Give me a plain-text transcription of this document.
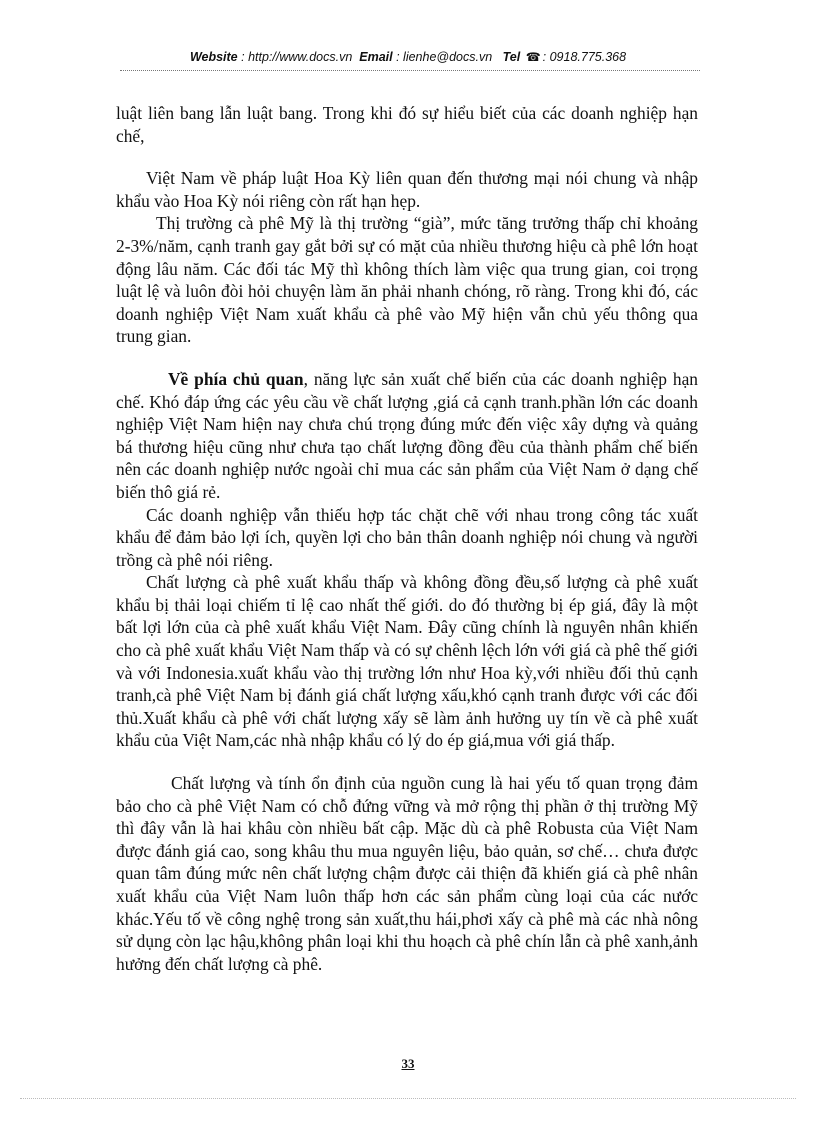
Website : http://www.docs.vn Email : lienhe@docs.vn Tel ☎ : 0918.775.368

luật liên bang lẫn luật bang. Trong khi đó sự hiểu biết của các doanh nghiệp hạn chế,

Việt Nam về pháp luật Hoa Kỳ liên quan đến thương mại nói chung và nhập khẩu vào Hoa Kỳ nói riêng còn rất hạn hẹp.

Thị trường cà phê Mỹ là thị trường “già”, mức tăng trưởng thấp chỉ khoảng 2-3%/năm, cạnh tranh gay gắt bởi sự có mặt của nhiều thương hiệu cà phê lớn hoạt động lâu năm. Các đối tác Mỹ thì không thích làm việc qua trung gian, coi trọng luật lệ và luôn đòi hỏi chuyện làm ăn phải nhanh chóng, rõ ràng. Trong khi đó, các doanh nghiệp Việt Nam xuất khẩu cà phê vào Mỹ hiện vẫn chủ yếu thông qua trung gian.

Về phía chủ quan, năng lực sản xuất chế biến của các doanh nghiệp hạn chế. Khó đáp ứng các yêu cầu về chất lượng ,giá cả cạnh tranh.phần lớn các doanh nghiệp Việt Nam hiện nay chưa chú trọng đúng mức đến việc xây dựng và quảng bá thương hiệu cũng như chưa tạo chất lượng đồng đều của thành phẩm chế biến nên các doanh nghiệp nước ngoài chỉ mua các sản phẩm của Việt Nam ở dạng chế biến thô giá rẻ.

Các doanh nghiệp vẫn thiếu hợp tác chặt chẽ với nhau trong công tác xuất khẩu để đảm bảo lợi ích, quyền lợi cho bản thân doanh nghiệp nói chung và người trồng cà phê nói riêng.

Chất lượng cà phê xuất khẩu thấp và không đồng đều,số lượng cà phê xuất khẩu bị thải loại chiếm tỉ lệ cao nhất thế giới. do đó thường bị ép giá, đây là một bất lợi lớn của cà phê xuất khẩu Việt Nam. Đây cũng chính là nguyên nhân khiến cho cà phê xuất khẩu Việt Nam thấp và có sự chênh lệch lớn với giá cà phê thế giới và với Indonesia.xuất khẩu vào thị trường lớn như Hoa kỳ,với nhiều đối thủ cạnh tranh,cà phê Việt Nam bị đánh giá chất lượng xấu,khó cạnh tranh được với các đối thủ.Xuất khẩu cà phê với chất lượng xấy sẽ làm ảnh hưởng uy tín về cà phê xuất khẩu của Việt Nam,các nhà nhập khẩu có lý do ép giá,mua với giá thấp.

Chất lượng và tính ổn định của nguồn cung là hai yếu tố quan trọng đảm bảo cho cà phê Việt Nam có chỗ đứng vững và mở rộng thị phần ở thị trường Mỹ thì đây vẫn là hai khâu còn nhiều bất cập. Mặc dù cà phê Robusta của Việt Nam được đánh giá cao, song khâu thu mua nguyên liệu, bảo quản, sơ chế… chưa được quan tâm đúng mức nên chất lượng chậm được cải thiện đã khiến giá cà phê nhân xuất khẩu của Việt Nam luôn thấp hơn các sản phẩm cùng loại của các nước khác.Yếu tố về công nghệ trong sản xuất,thu hái,phơi xấy cà phê mà các nhà nông sử dụng còn lạc hậu,không phân loại khi thu hoạch cà phê chín lẫn cà phê xanh,ảnh hưởng đến chất lượng cà phê.

33
